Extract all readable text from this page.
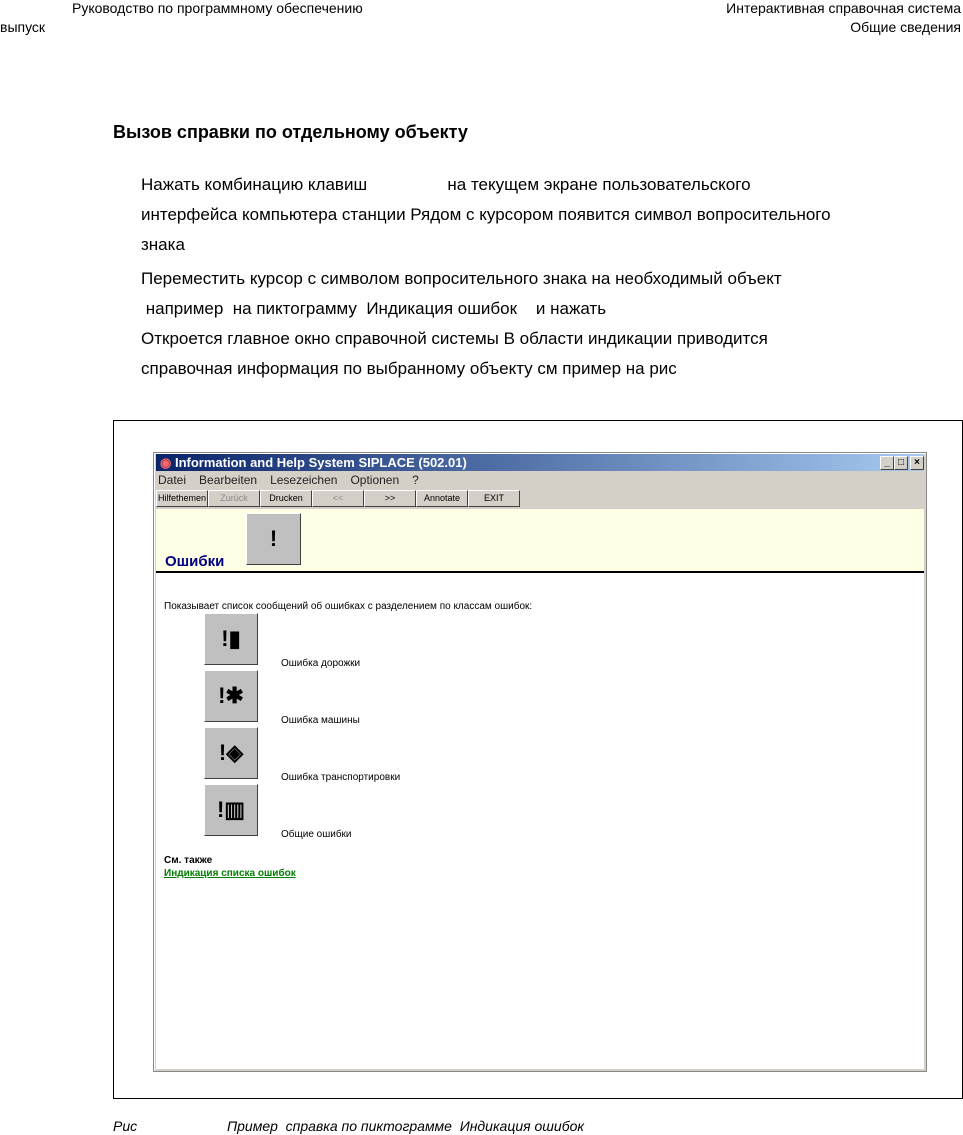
Руководство по программному обеспечению
выпуск
Интерактивная справочная система
Общие сведения
Вызов справки по отдельному объекту
Нажать комбинацию клавиш                 на текущем экране пользовательского
интерфейса компьютера станции Рядом с курсором появится символ вопросительного
знака
Переместить курсор с символом вопросительного знака на необходимый объект
например  на пиктограмму  Индикация ошибок    и нажать
Откроется главное окно справочной системы В области индикации приводится
справочная информация по выбранному объекту см пример на рис
◉ Information and Help System SIPLACE (502.01)	_ □	×
Datei Bearbeiten Lesezeichen Optionen ?
Hilfethemen	Zurück	Drucken	<<	>>	Annotate	EXIT
Ошибки
!
Показывает список сообщений об ошибках с разделением по классам ошибок:
!▮
Ошибка дорожки
!✱
Ошибка машины
!◈
Ошибка транспортировки
!▥
Общие ошибки
См. также
Индикация списка ошибок
Рис	Пример  справка по пиктограмме  Индикация ошибок
